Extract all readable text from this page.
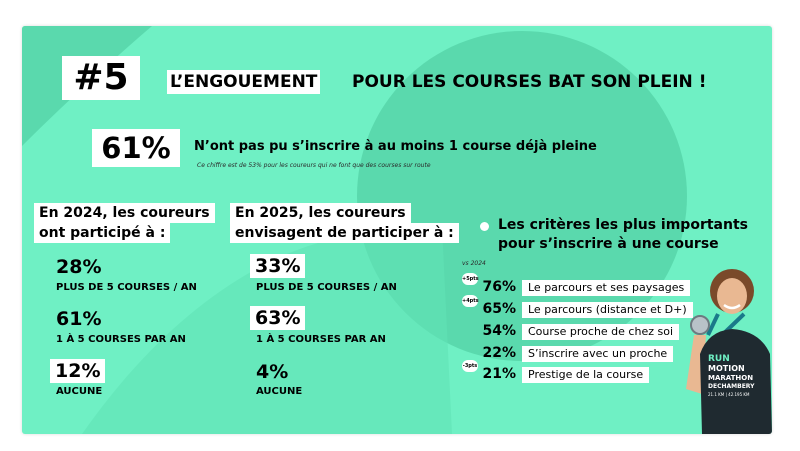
#5	L’ENGOUEMENT POUR LES COURSES BAT SON PLEIN !
61%	N’ont pas pu s’inscrire à au moins 1 course déjà pleine
Ce chiffre est de 53% pour les coureurs qui ne font que des courses sur route
En 2024, les coureurs
ont participé à :
28%
PLUS DE 5 COURSES / AN
61%
1 À 5 COURSES PAR AN
12%
AUCUNE
En 2025, les coureurs
envisagent de participer à :
33%
PLUS DE 5 COURSES / AN
63%
1 À 5 COURSES PAR AN
4%
AUCUNE
Les critères les plus importants
pour s’inscrire à une course
vs 2024
+5pts 76%	Le parcours et ses paysages
+4pts 65%	Le parcours (distance et D+)
54%	Course proche de chez soi
22%	S’inscrire avec un proche
-3pts 21%	Prestige de la course
RUN
MOTION
MARATHON
DECHAMBERY
21.1 KM | 42.195 KM
